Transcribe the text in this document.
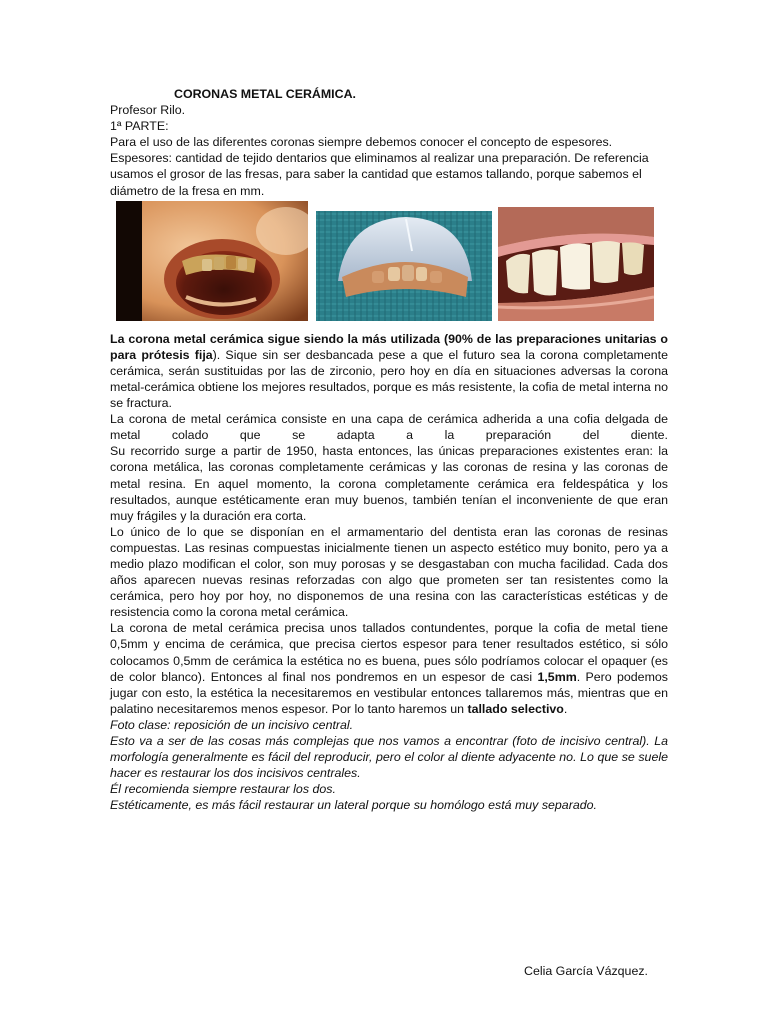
CORONAS METAL CERÁMICA.
Profesor Rilo.
1ª PARTE:
Para el uso de las diferentes coronas siempre debemos conocer el concepto de espesores.
Espesores: cantidad de tejido dentarios que eliminamos al realizar una preparación. De referencia usamos el grosor de las fresas, para saber la cantidad que estamos tallando, porque sabemos el diámetro de la fresa en mm.
La corona metal cerámica sigue siendo la más utilizada (90% de las preparaciones unitarias o para prótesis fija). Sique sin ser desbancada pese a que el futuro sea la corona completamente cerámica, serán sustituidas por las de zirconio, pero hoy en día en situaciones adversas la corona metal-cerámica obtiene los mejores resultados, porque es más resistente, la cofia de metal interna no se fractura.
La corona de metal cerámica consiste en una capa de cerámica adherida a una cofia delgada de metal colado que se adapta a la preparación del diente.
Su recorrido surge a partir de 1950, hasta entonces, las únicas preparaciones existentes eran: la corona metálica, las coronas completamente cerámicas y las coronas de resina y las coronas de metal resina. En aquel momento, la corona completamente cerámica era feldespática y los resultados, aunque estéticamente eran muy buenos, también tenían el inconveniente de que eran muy frágiles y la duración era corta.
Lo único de lo que se disponían en el armamentario del dentista eran las coronas de resinas compuestas. Las resinas compuestas inicialmente tienen un aspecto estético muy bonito, pero ya a medio plazo modifican el color, son muy porosas y se desgastaban con mucha facilidad. Cada dos años aparecen nuevas resinas reforzadas con algo que prometen ser tan resistentes como la cerámica, pero hoy por hoy, no disponemos de una resina con las características estéticas y de resistencia como la corona metal cerámica.
La corona de metal cerámica precisa unos tallados contundentes, porque la cofia de metal tiene 0,5mm y encima de cerámica, que precisa ciertos espesor para tener resultados estético, si sólo colocamos 0,5mm de cerámica la estética no es buena, pues sólo podríamos colocar el opaquer (es de color blanco). Entonces al final nos pondremos en un espesor de casi 1,5mm. Pero podemos jugar con esto, la estética la necesitaremos en vestibular entonces tallaremos más, mientras que en palatino necesitaremos menos espesor. Por lo tanto haremos un tallado selectivo.
Foto clase: reposición de un incisivo central.
Esto va a ser de las cosas más complejas que nos vamos a encontrar (foto de incisivo central). La morfología generalmente es fácil del reproducir, pero el color al diente adyacente no. Lo que se suele hacer es restaurar los dos incisivos centrales.
Él recomienda siempre restaurar los dos.
Estéticamente, es más fácil restaurar un lateral porque su homólogo está muy separado.
Celia García Vázquez.
